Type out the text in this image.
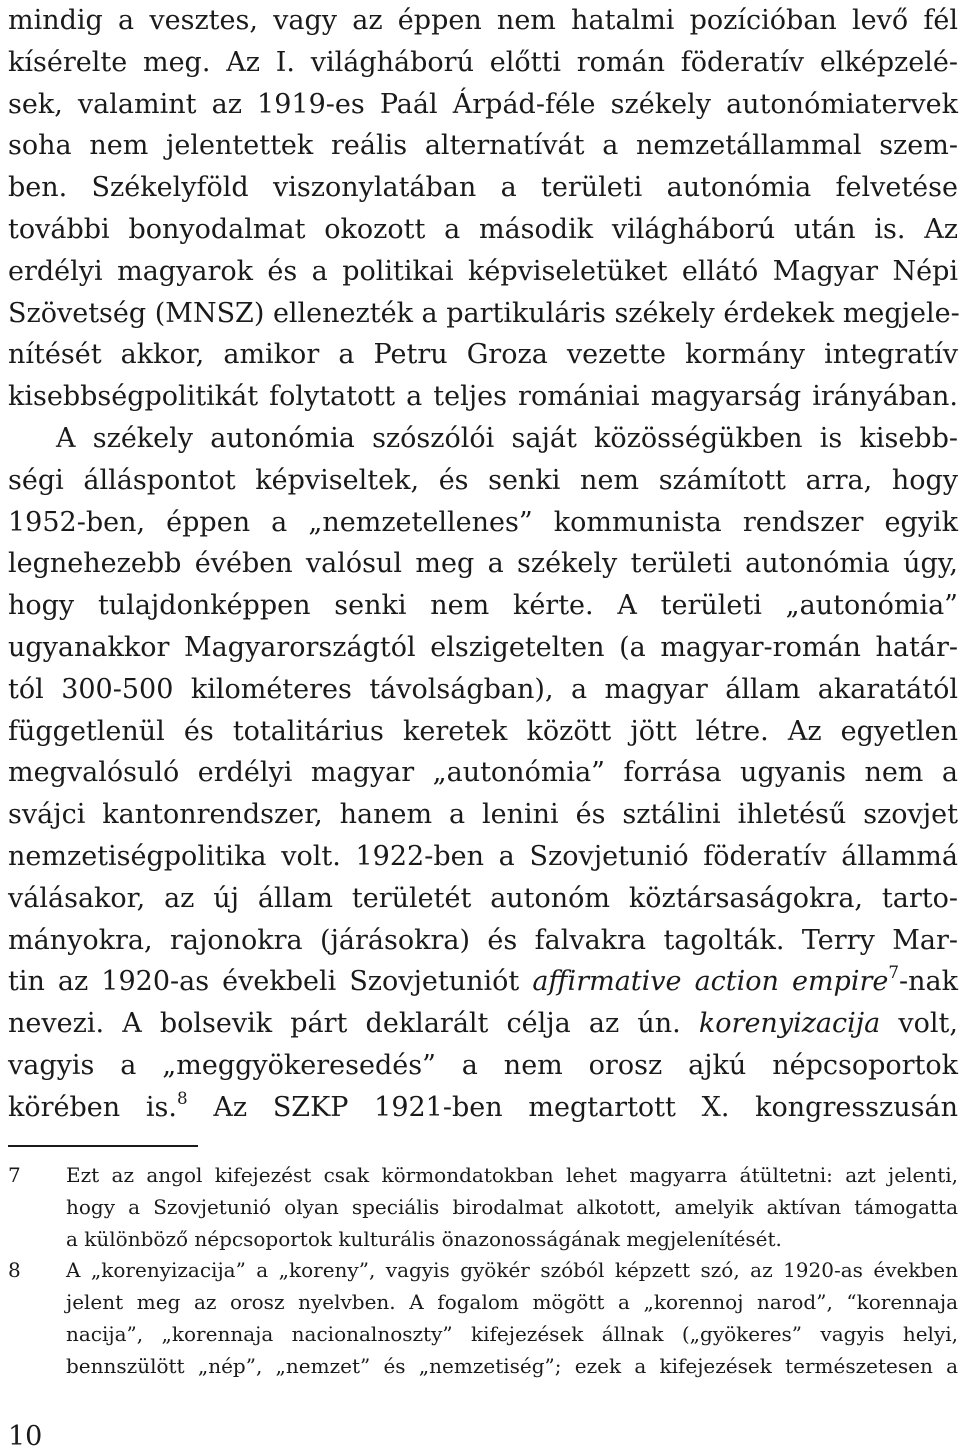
mindig a vesztes, vagy az éppen nem hatalmi pozícióban levő fél
kísérelte meg. Az I. világháború előtti román föderatív elképzelé-
sek, valamint az 1919-es Paál Árpád-féle székely autonómiatervek
soha nem jelentettek reális alternatívát a nemzetállammal szem-
ben. Székelyföld viszonylatában a területi autonómia felvetése
további bonyodalmat okozott a második világháború után is. Az
erdélyi magyarok és a politikai képviseletüket ellátó Magyar Népi
Szövetség (MNSZ) ellenezték a partikuláris székely érdekek megjele-
nítését akkor, amikor a Petru Groza vezette kormány integratív
kisebbségpolitikát folytatott a teljes romániai magyarság irányában.
A székely autonómia szószólói saját közösségükben is kisebb-
ségi álláspontot képviseltek, és senki nem számított arra, hogy
1952-ben, éppen a „nemzetellenes” kommunista rendszer egyik
legnehezebb évében valósul meg a székely területi autonómia úgy,
hogy tulajdonképpen senki nem kérte. A területi „autonómia”
ugyanakkor Magyarországtól elszigetelten (a magyar-román határ-
tól 300-500 kilométeres távolságban), a magyar állam akaratától
függetlenül és totalitárius keretek között jött létre. Az egyetlen
megvalósuló erdélyi magyar „autonómia” forrása ugyanis nem a
svájci kantonrendszer, hanem a lenini és sztálini ihletésű szovjet
nemzetiségpolitika volt. 1922-ben a Szovjetunió föderatív állammá
válásakor, az új állam területét autonóm köztársaságokra, tarto-
mányokra, rajonokra (járásokra) és falvakra tagolták. Terry Mar-
tin az 1920-as évekbeli Szovjetuniót affirmative action empire$^7$-nak
nevezi. A bolsevik párt deklarált célja az ún. korenyizacija volt,
vagyis a „meggyökeresedés” a nem orosz ajkú népcsoportok
körében is.$^8$ Az SZKP 1921-ben megtartott X. kongresszusán
7 Ezt az angol kifejezést csak körmondatokban lehet magyarra átültetni: azt jelenti,
hogy a Szovjetunió olyan speciális birodalmat alkotott, amelyik aktívan támogatta
a különböző népcsoportok kulturális önazonosságának megjelenítését.
8 A „korenyizacija” a „koreny”, vagyis gyökér szóból képzett szó, az 1920-as években
jelent meg az orosz nyelvben. A fogalom mögött a „korennoj narod”, “korennaja
nacija”, „korennaja nacionalnoszty” kifejezések állnak („gyökeres” vagyis helyi,
bennszülött „nép”, „nemzet” és „nemzetiség”; ezek a kifejezések természetesen a
10
